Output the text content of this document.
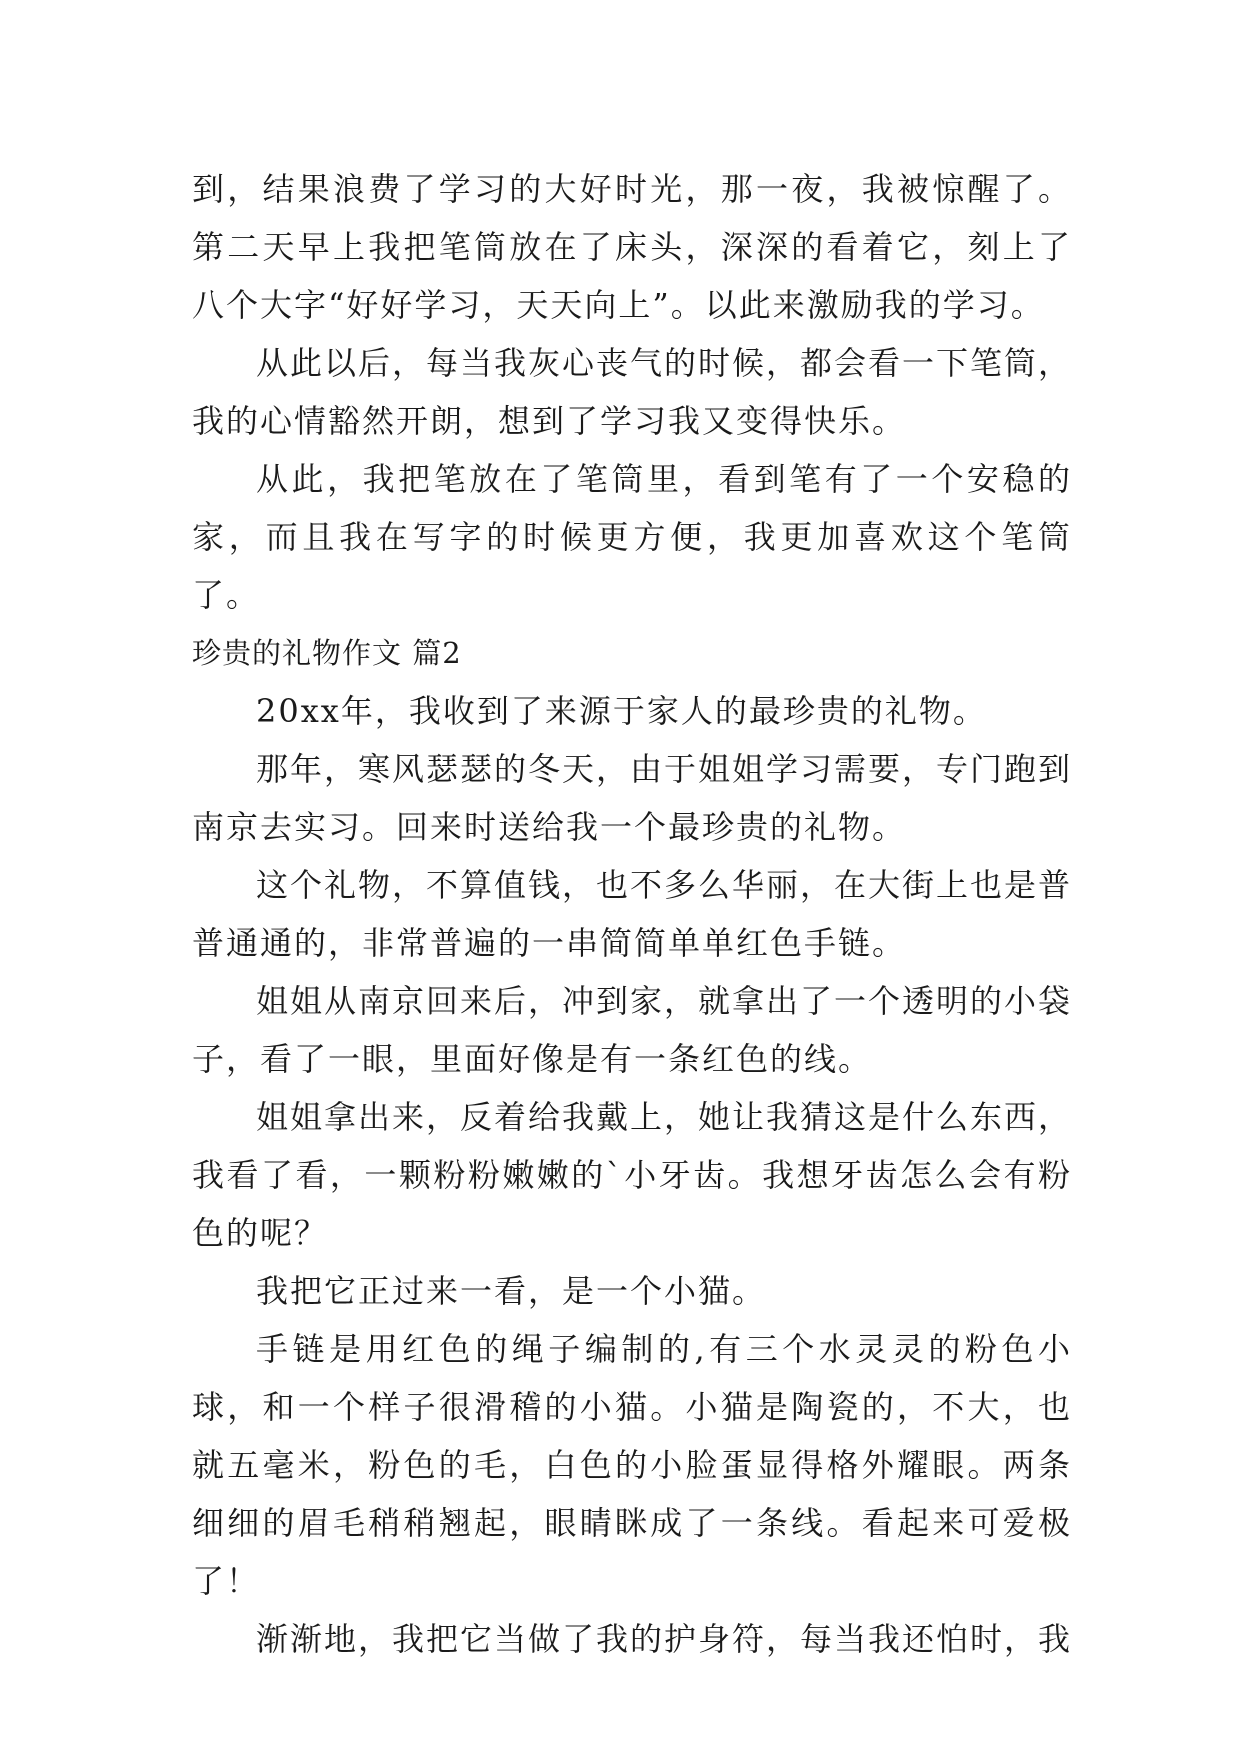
到，结果浪费了学习的大好时光，那一夜，我被惊醒了。第二天早上我把笔筒放在了床头，深深的看着它，刻上了八个大字“好好学习，天天向上”。以此来激励我的学习。

从此以后，每当我灰心丧气的时候，都会看一下笔筒，我的心情豁然开朗，想到了学习我又变得快乐。

从此，我把笔放在了笔筒里，看到笔有了一个安稳的家，而且我在写字的时候更方便，我更加喜欢这个笔筒了。

珍贵的礼物作文 篇2

20xx年，我收到了来源于家人的最珍贵的礼物。

那年，寒风瑟瑟的冬天，由于姐姐学习需要，专门跑到南京去实习。回来时送给我一个最珍贵的礼物。

这个礼物，不算值钱，也不多么华丽，在大街上也是普普通通的，非常普遍的一串简简单单红色手链。

姐姐从南京回来后，冲到家，就拿出了一个透明的小袋子，看了一眼，里面好像是有一条红色的线。

姐姐拿出来，反着给我戴上，她让我猜这是什么东西，我看了看，一颗粉粉嫩嫩的`小牙齿。我想牙齿怎么会有粉色的呢？

我把它正过来一看，是一个小猫。

手链是用红色的绳子编制的,有三个水灵灵的粉色小球，和一个样子很滑稽的小猫。小猫是陶瓷的，不大，也就五毫米，粉色的毛，白色的小脸蛋显得格外耀眼。两条细细的眉毛稍稍翘起，眼睛眯成了一条线。看起来可爱极了！

渐渐地，我把它当做了我的护身符，每当我还怕时，我
